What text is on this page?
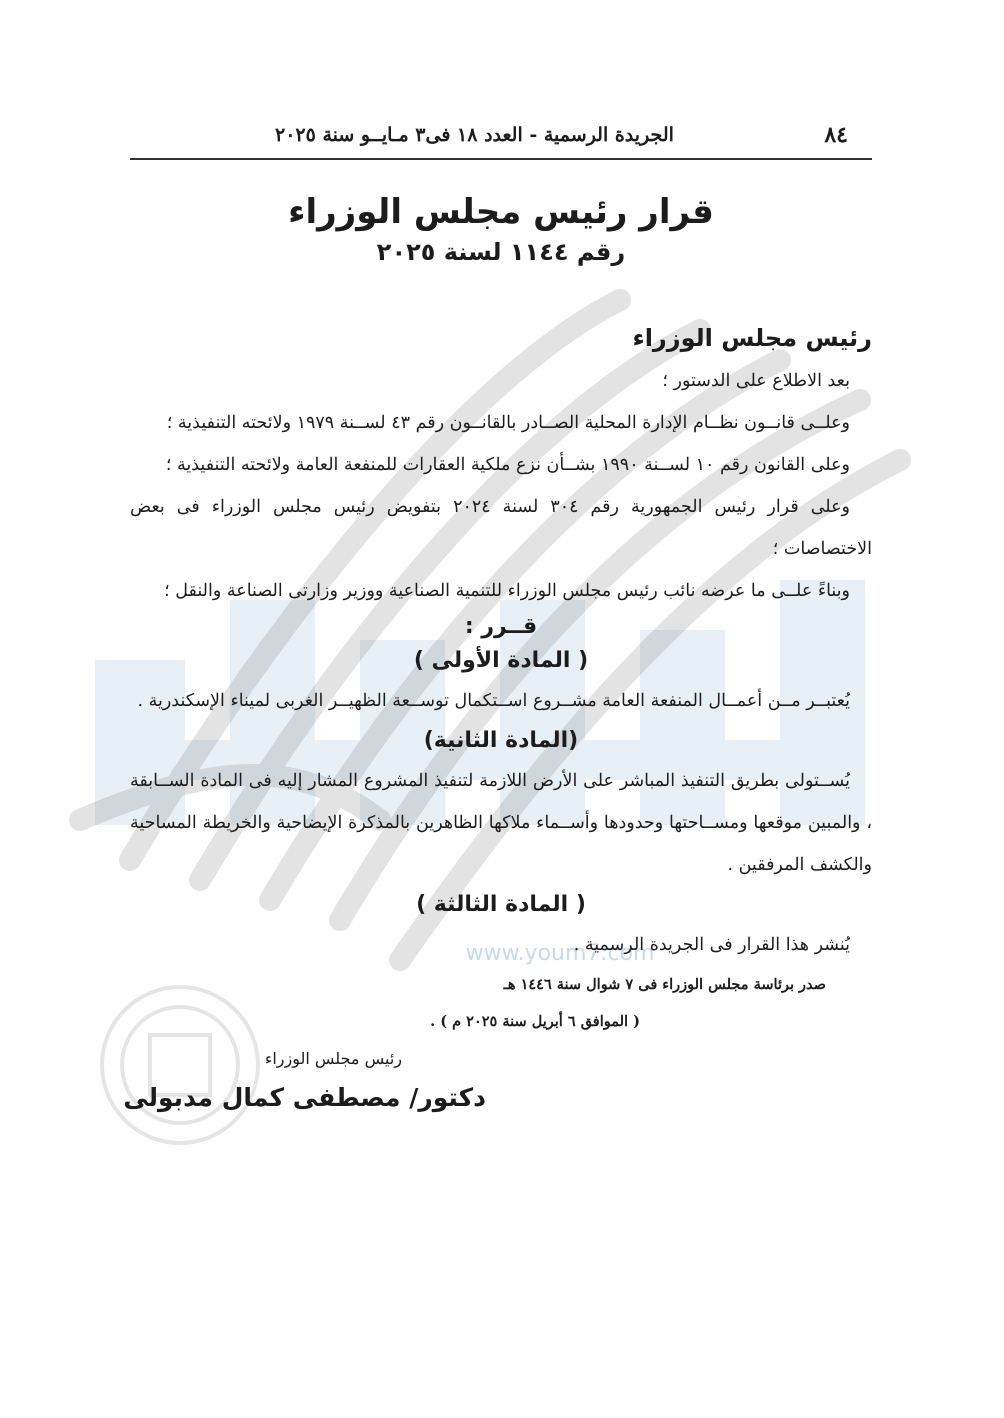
www.youm7.com
٨٤
الجريدة الرسمية - العدد ١٨ فى٣ مـايــو سنة ٢٠٢٥
قرار رئيس مجلس الوزراء
رقم ١١٤٤ لسنة ٢٠٢٥

رئيس مجلس الوزراء

بعد الاطلاع على الدستور ؛

وعلــى قانــون نظــام الإدارة المحلية الصــادر بالقانــون رقم ٤٣ لســنة ١٩٧٩ ولائحته التنفيذية ؛

وعلى القانون رقم ١٠ لســنة ١٩٩٠ بشــأن نزع ملكية العقارات للمنفعة العامة ولائحته التنفيذية ؛

وعلى قرار رئيس الجمهورية رقم ٣٠٤ لسنة ٢٠٢٤ بتفويض رئيس مجلس الوزراء فى بعض الاختصاصات ؛

وبناءً علــى ما عرضه نائب رئيس مجلس الوزراء للتنمية الصناعية ووزير وزارتى الصناعة والنقل ؛

قــرر :

( المادة الأولى )

يُعتبــر مــن أعمــال المنفعة العامة مشــروع اســتكمال توســعة الظهيــر الغربى لميناء الإسكندرية .

(المادة الثانية)

يُســتولى بطريق التنفيذ المباشر على الأرض اللازمة لتنفيذ المشروع المشار إليه فى المادة الســابقة ، والمبين موقعها ومســاحتها وحدودها وأســماء ملاكها الظاهرين بالمذكرة الإيضاحية والخريطة المساحية والكشف المرفقين .

( المادة الثالثة )

يُنشر هذا القرار فى الجريدة الرسمية .

صدر برئاسة مجلس الوزراء فى ٧ شوال سنة ١٤٤٦ هـ

( الموافق ٦ أبريل سنة ٢٠٢٥ م ) .

رئيس مجلس الوزراء

دكتور/ مصطفى كمال مدبولى
